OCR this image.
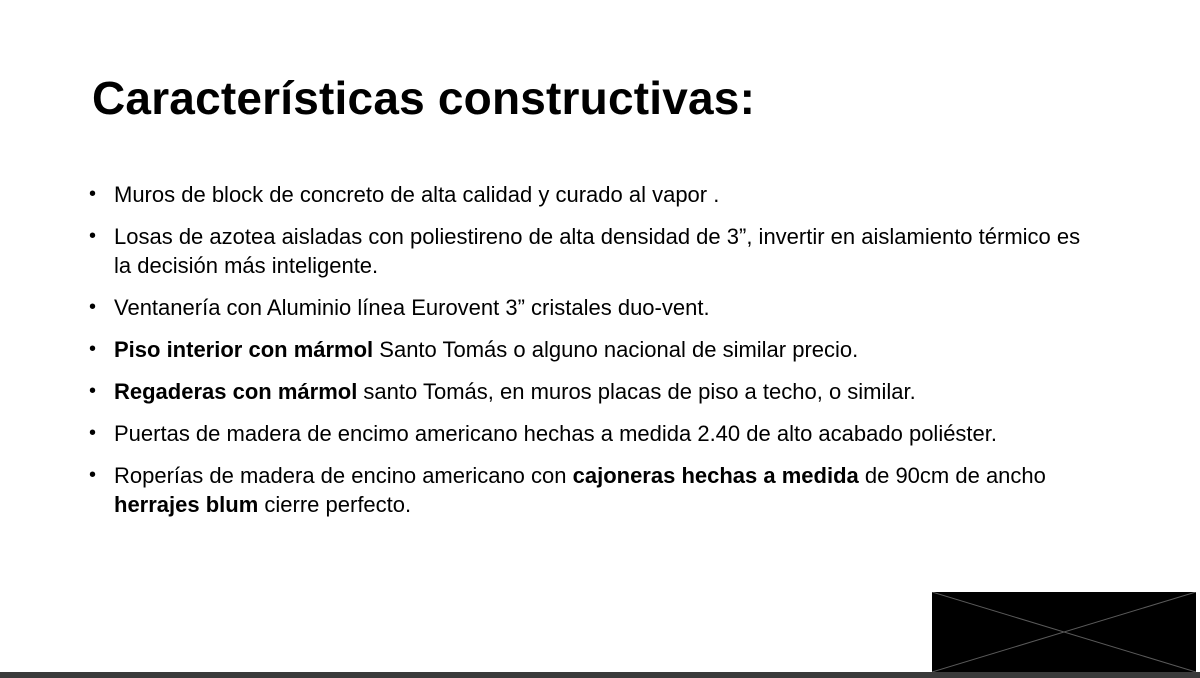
Características constructivas:
• Muros de block de concreto de alta calidad y curado al vapor .
• Losas de azotea aisladas con poliestireno de alta densidad de 3”, invertir en aislamiento térmico es la decisión más inteligente.
• Ventanería con Aluminio línea Eurovent 3” cristales duo-vent.
• Piso interior con mármol Santo Tomás o alguno nacional de similar precio.
• Regaderas con mármol santo Tomás, en muros placas de piso a techo, o similar.
• Puertas de madera de encimo americano hechas a medida 2.40 de alto acabado poliéster.
• Roperías de madera de encino americano con cajoneras hechas a medida de 90cm de ancho herrajes blum cierre perfecto.
